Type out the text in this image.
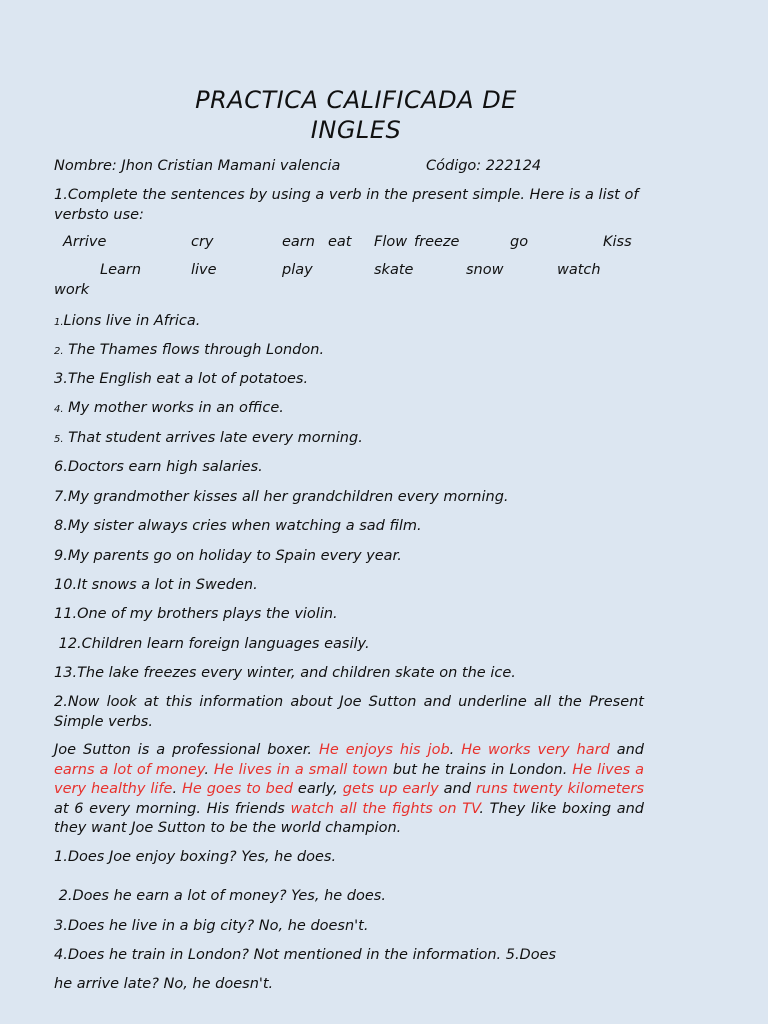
PRACTICA CALIFICADA DE
INGLES
Nombre: Jhon Cristian Mamani valencia	Código: 222124
1.Complete the sentences by using a verb in the present simple. Here is a list of verbsto use:
Arrive	cry	earn eat Flow freeze	go	Kiss
Learn	live	play	skate	snow	watch
work
1.Lions live in Africa.
2. The Thames flows through London.
3.The English eat a lot of potatoes.
4. My mother works in an office.
5. That student arrives late every morning.
6.Doctors earn high salaries.
7.My grandmother kisses all her grandchildren every morning.
8.My sister always cries when watching a sad film.
9.My parents go on holiday to Spain every year.
10.It snows a lot in Sweden.
11.One of my brothers plays the violin.
12.Children learn foreign languages easily.
13.The lake freezes every winter, and children skate on the ice.
2.Now look at this information about Joe Sutton and underline all the Present Simple verbs.
Joe Sutton is a professional boxer. He enjoys his job. He works very hard and earns a lot of money. He lives in a small town but he trains in London. He lives a very healthy life. He goes to bed early, gets up early and runs twenty kilometers at 6 every morning. His friends watch all the fights on TV. They like boxing and they want Joe Sutton to be the world champion.
1.Does Joe enjoy boxing? Yes, he does.
2.Does he earn a lot of money? Yes, he does.
3.Does he live in a big city? No, he doesn't.
4.Does he train in London? Not mentioned in the information. 5.Does
he arrive late? No, he doesn't.
